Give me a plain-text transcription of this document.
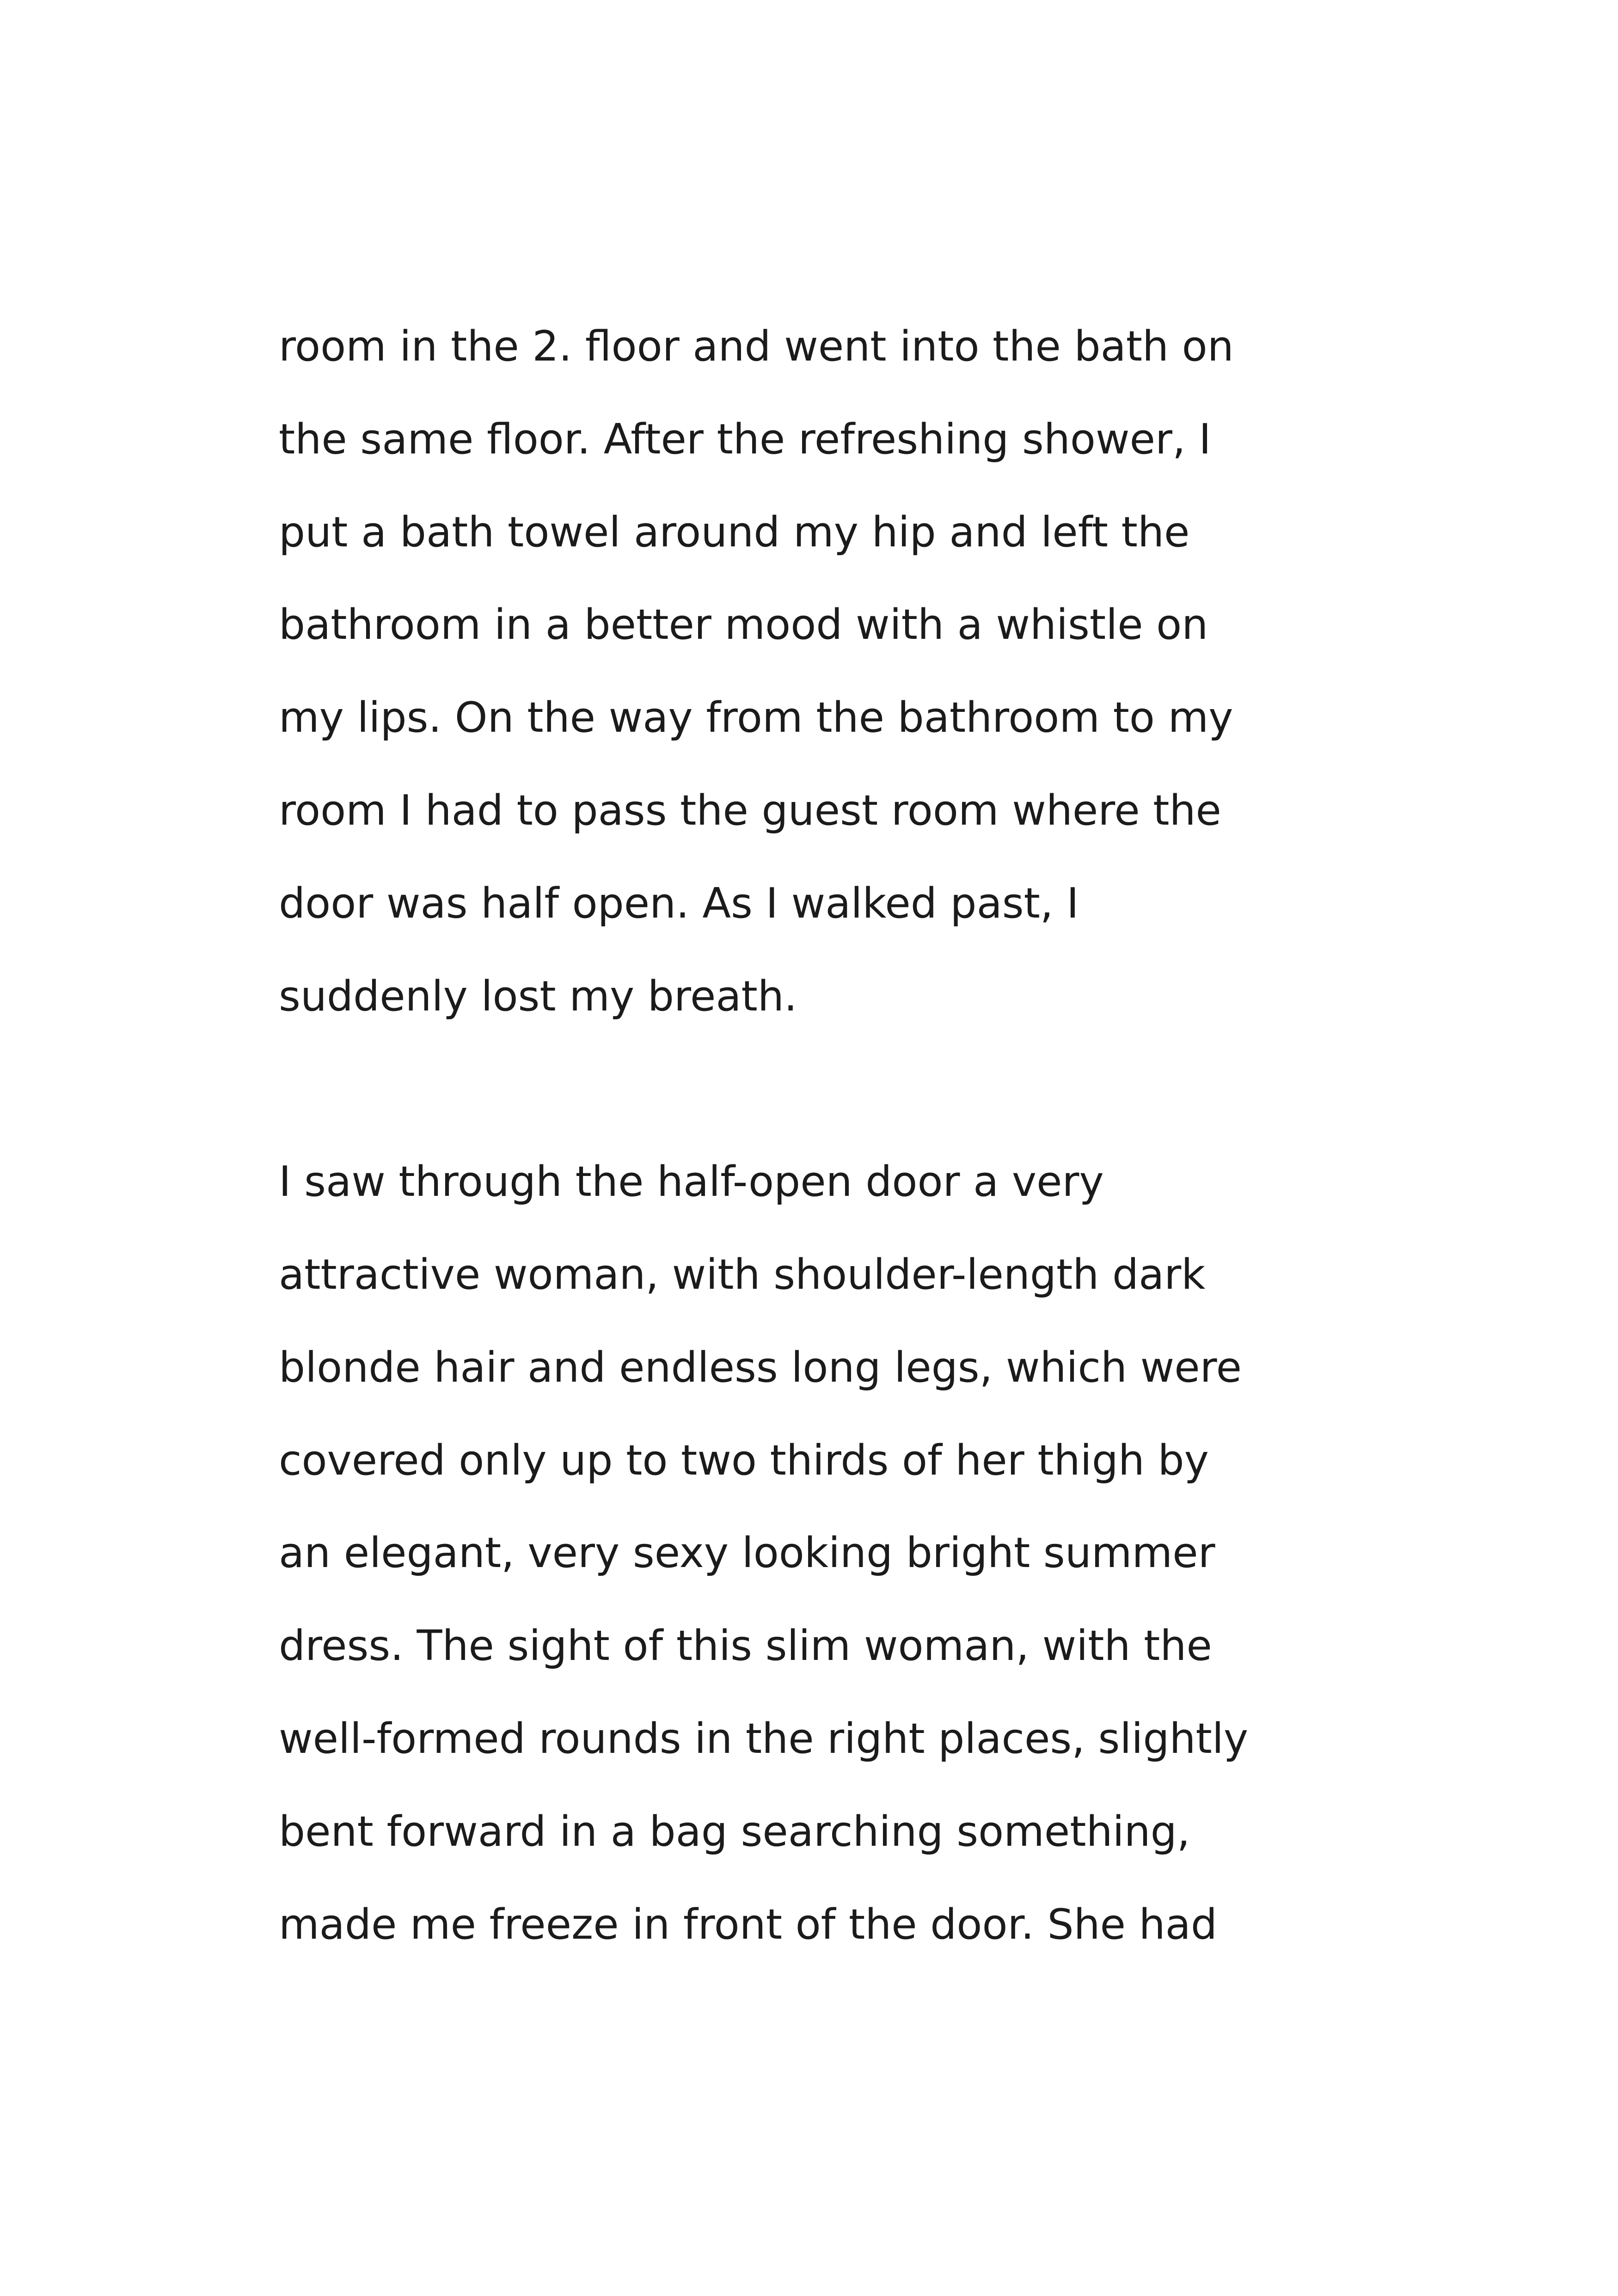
room in the 2. floor and went into the bath on
the same floor. After the refreshing shower, I
put a bath towel around my hip and left the
bathroom in a better mood with a whistle on
my lips. On the way from the bathroom to my
room I had to pass the guest room where the
door was half open. As I walked past, I
suddenly lost my breath.
I saw through the half-open door a very
attractive woman, with shoulder-length dark
blonde hair and endless long legs, which were
covered only up to two thirds of her thigh by
an elegant, very sexy looking bright summer
dress. The sight of this slim woman, with the
well-formed rounds in the right places, slightly
bent forward in a bag searching something,
made me freeze in front of the door. She had
